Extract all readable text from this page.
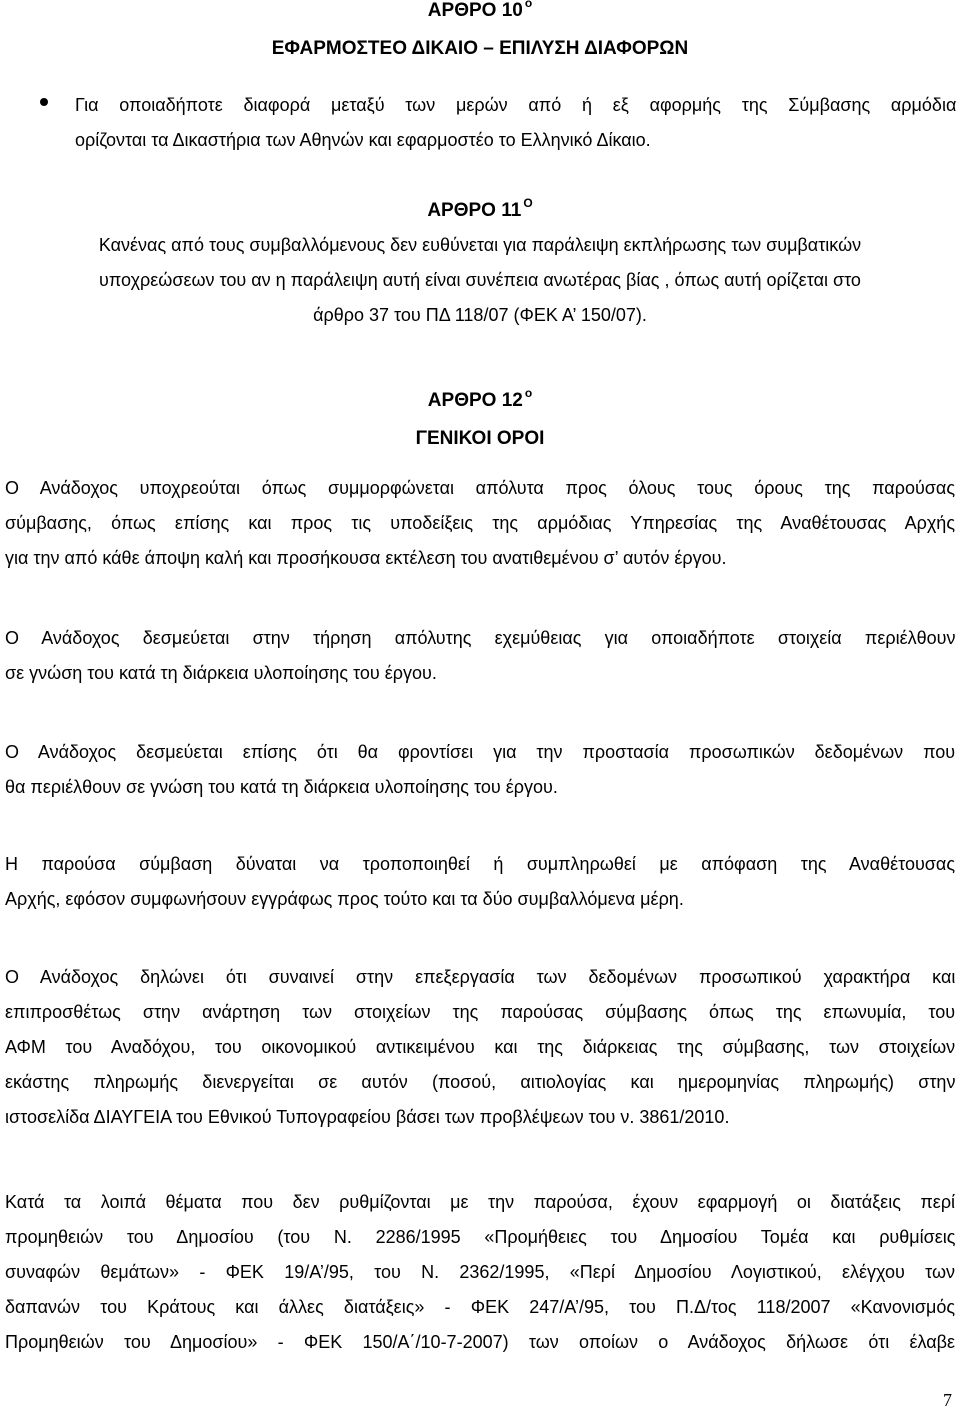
ΑΡΘΡΟ 10 $^o$
ΕΦΑΡΜΟΣΤΕΟ ΔΙΚΑΙΟ – ΕΠΙΛΥΣΗ ΔΙΑΦΟΡΩΝ
Για οποιαδήποτε διαφορά μεταξύ των μερών από ή εξ αφορμής της Σύμβασης αρμόδια
ορίζονται τα Δικαστήρια των Αθηνών και εφαρμοστέο το Ελληνικό Δίκαιο.
ΑΡΘΡΟ 11 $^O$
Κανένας από τους συμβαλλόμενους δεν ευθύνεται για παράλειψη εκπλήρωσης των συμβατικών
υποχρεώσεων του αν η παράλειψη αυτή είναι συνέπεια ανωτέρας βίας , όπως αυτή ορίζεται στο
άρθρο 37 του ΠΔ 118/07 (ΦΕΚ Α’ 150/07).
ΑΡΘΡΟ 12 $^o$
ΓΕΝΙΚΟΙ ΟΡΟΙ
Ο Ανάδοχος υποχρεούται όπως συμμορφώνεται απόλυτα προς όλους τους όρους της παρούσας
σύμβασης, όπως επίσης και προς τις υποδείξεις της αρμόδιας Υπηρεσίας της Αναθέτουσας Αρχής
για την από κάθε άποψη καλή και προσήκουσα εκτέλεση του ανατιθεμένου σ’ αυτόν έργου.
Ο Ανάδοχος δεσμεύεται στην τήρηση απόλυτης εχεμύθειας για οποιαδήποτε στοιχεία περιέλθουν
σε γνώση του κατά τη διάρκεια υλοποίησης του έργου.
Ο Ανάδοχος δεσμεύεται επίσης ότι θα φροντίσει για την προστασία προσωπικών δεδομένων που
θα περιέλθουν σε γνώση του κατά τη διάρκεια υλοποίησης του έργου.
Η παρούσα σύμβαση δύναται να τροποποιηθεί ή συμπληρωθεί με απόφαση της Αναθέτουσας
Αρχής, εφόσον συμφωνήσουν εγγράφως προς τούτο και τα δύο συμβαλλόμενα μέρη.
Ο Ανάδοχος δηλώνει ότι συναινεί στην επεξεργασία των δεδομένων προσωπικού χαρακτήρα και
επιπροσθέτως στην ανάρτηση των στοιχείων της παρούσας σύμβασης όπως της επωνυμία, του
ΑΦΜ του Αναδόχου, του οικονομικού αντικειμένου και της διάρκειας της σύμβασης, των στοιχείων
εκάστης πληρωμής διενεργείται σε αυτόν (ποσού, αιτιολογίας και ημερομηνίας πληρωμής) στην
ιστοσελίδα ΔΙΑΥΓΕΙΑ του Εθνικού Τυπογραφείου βάσει των προβλέψεων του ν. 3861/2010.
Κατά τα λοιπά θέματα που δεν ρυθμίζονται με την παρούσα, έχουν εφαρμογή οι διατάξεις περί
προμηθειών του Δημοσίου (του Ν. 2286/1995 «Προμήθειες του Δημοσίου Τομέα και ρυθμίσεις
συναφών θεμάτων» - ΦΕΚ 19/Α’/95, του Ν. 2362/1995, «Περί Δημοσίου Λογιστικού, ελέγχου των
δαπανών του Κράτους και άλλες διατάξεις» - ΦΕΚ 247/Α’/95, του Π.Δ/τος 118/2007 «Κανονισμός
Προμηθειών του Δημοσίου» - ΦΕΚ 150/Α΄/10-7-2007) των οποίων ο Ανάδοχος δήλωσε ότι έλαβε
7
